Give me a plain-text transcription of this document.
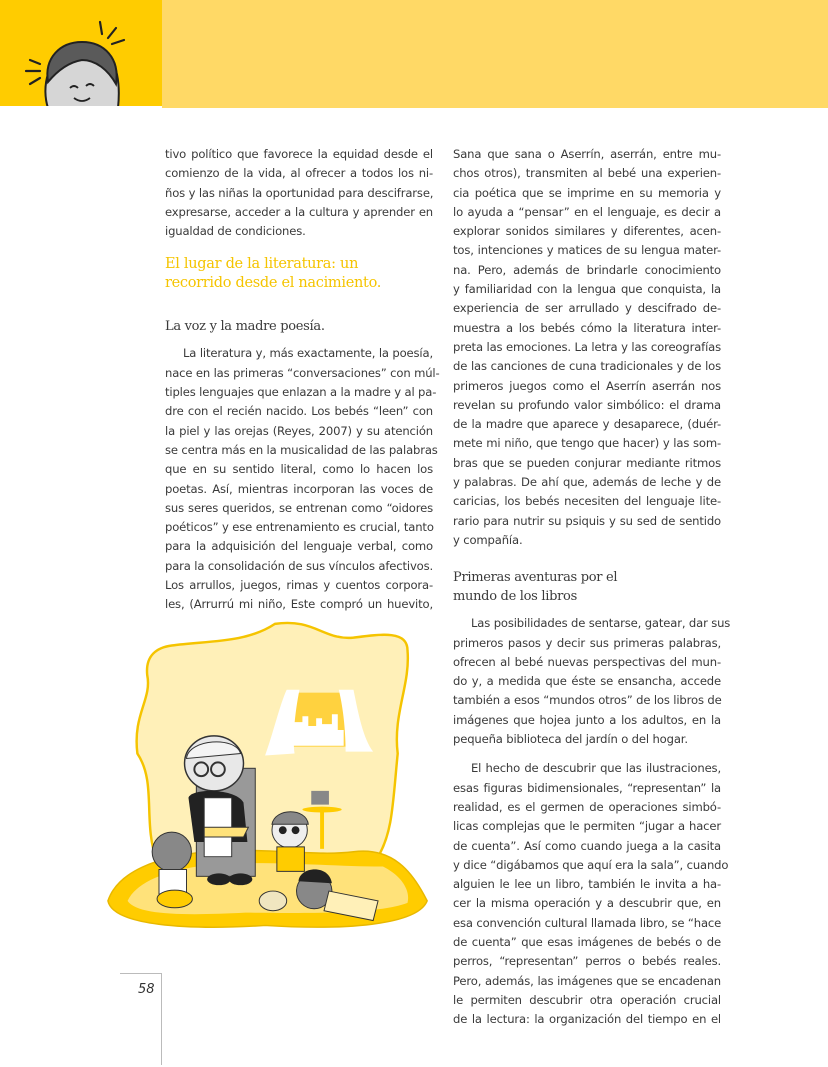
tivo político que favorece la equidad desde el
comienzo de la vida, al ofrecer a todos los ni-
ños y las niñas la oportunidad para descifrarse,
expresarse, acceder a la cultura y aprender en
igualdad de condiciones.

El lugar de la literatura: un
recorrido desde el nacimiento.
La voz y la madre poesía.

La literatura y, más exactamente, la poesía,
nace en las primeras “conversaciones” con múl-
tiples lenguajes que enlazan a la madre y al pa-
dre con el recién nacido. Los bebés “leen” con
la piel y las orejas (Reyes, 2007) y su atención
se centra más en la musicalidad de las palabras
que en su sentido literal, como lo hacen los
poetas. Así, mientras incorporan las voces de
sus seres queridos, se entrenan como “oidores
poéticos” y ese entrenamiento es crucial, tanto
para la adquisición del lenguaje verbal, como
para la consolidación de sus vínculos afectivos.
Los arrullos, juegos, rimas y cuentos corpora-
les, (Arrurrú mi niño, Este compró un huevito,

Sana que sana o Aserrín, aserrán, entre mu-
chos otros), transmiten al bebé una experien-
cia poética que se imprime en su memoria y
lo ayuda a “pensar” en el lenguaje, es decir a
explorar sonidos similares y diferentes, acen-
tos, intenciones y matices de su lengua mater-
na. Pero, además de brindarle conocimiento
y familiaridad con la lengua que conquista, la
experiencia de ser arrullado y descifrado de-
muestra a los bebés cómo la literatura inter-
preta las emociones. La letra y las coreografías
de las canciones de cuna tradicionales y de los
primeros juegos como el Aserrín aserrán nos
revelan su profundo valor simbólico: el drama
de la madre que aparece y desaparece, (duér-
mete mi niño, que tengo que hacer) y las som-
bras que se pueden conjurar mediante ritmos
y palabras. De ahí que, además de leche y de
caricias, los bebés necesiten del lenguaje lite-
rario para nutrir su psiquis y su sed de sentido
y compañía.

Primeras aventuras por el
mundo de los libros

Las posibilidades de sentarse, gatear, dar sus
primeros pasos y decir sus primeras palabras,
ofrecen al bebé nuevas perspectivas del mun-
do y, a medida que éste se ensancha, accede
también a esos “mundos otros” de los libros de
imágenes que hojea junto a los adultos, en la
pequeña biblioteca del jardín o del hogar.

El hecho de descubrir que las ilustraciones,
esas figuras bidimensionales, “representan” la
realidad, es el germen de operaciones simbó-
licas complejas que le permiten “jugar a hacer
de cuenta”. Así como cuando juega a la casita
y dice “digábamos que aquí era la sala”, cuando
alguien le lee un libro, también le invita a ha-
cer la misma operación y a descubrir que, en
esa convención cultural llamada libro, se “hace
de cuenta” que esas imágenes de bebés o de
perros, “representan” perros o bebés reales.
Pero, además, las imágenes que se encadenan
le permiten descubrir otra operación crucial
de la lectura: la organización del tiempo en el

58
